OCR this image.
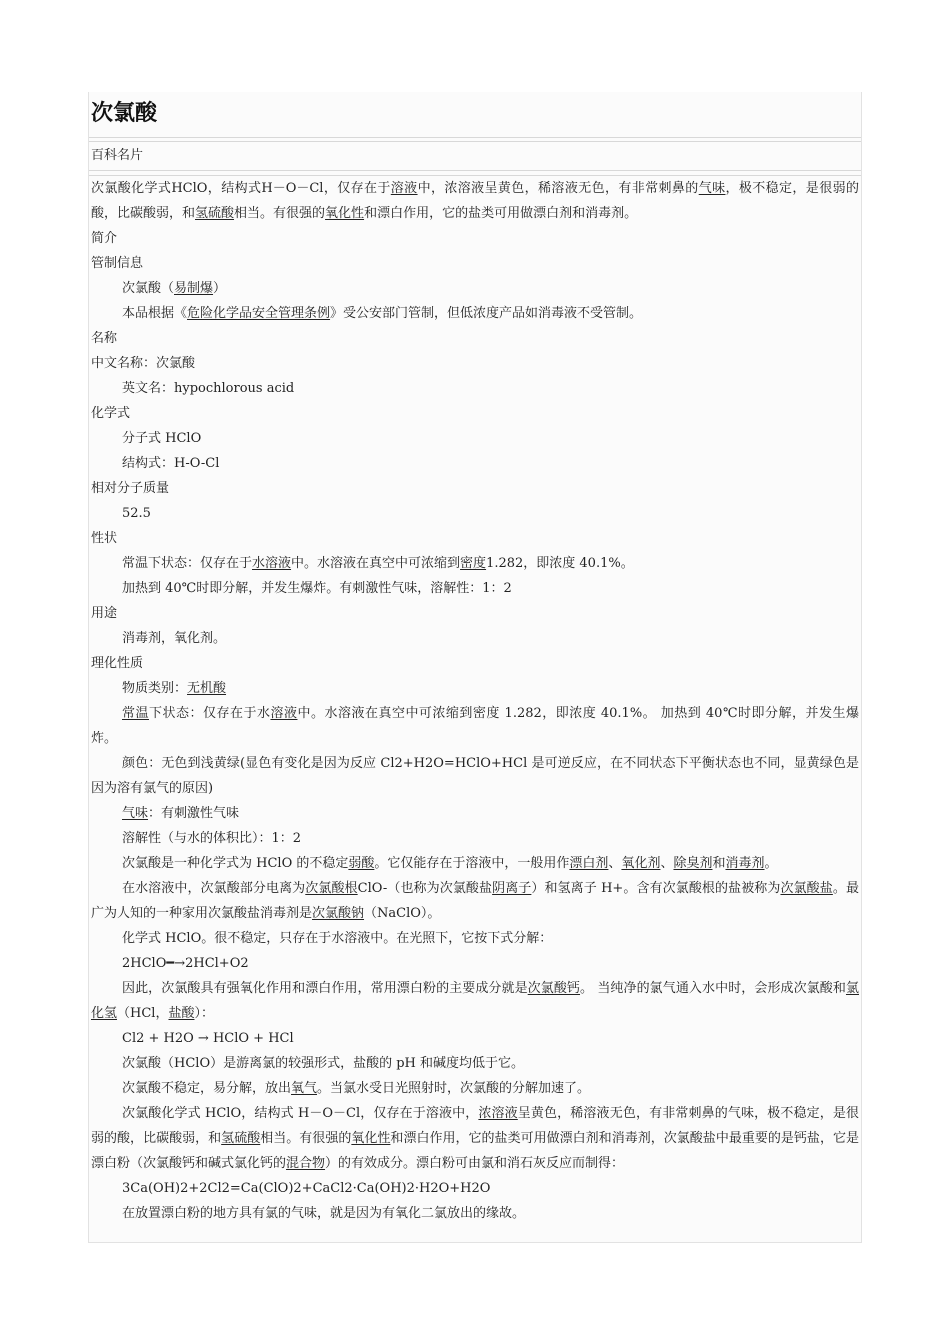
次氯酸
百科名片

次氯酸化学式HClO，结构式H－O－Cl，仅存在于溶液中，浓溶液呈黄色，稀溶液无色，有非常刺鼻的气味，极不稳定，是很弱的酸，比碳酸弱，和氢硫酸相当。有很强的氧化性和漂白作用，它的盐类可用做漂白剂和消毒剂。

简介

管制信息

次氯酸（易制爆）

本品根据《危险化学品安全管理条例》受公安部门管制，但低浓度产品如消毒液不受管制。

名称

中文名称：次氯酸

英文名：hypochlorous acid

化学式

分子式 HClO

结构式：H-O-Cl

相对分子质量

52.5

性状

常温下状态：仅存在于水溶液中。水溶液在真空中可浓缩到密度1.282，即浓度 40.1%。

加热到 40℃时即分解，并发生爆炸。有刺激性气味，溶解性：1：2

用途

消毒剂，氧化剂。

理化性质

物质类别：无机酸

常温下状态：仅存在于水溶液中。水溶液在真空中可浓缩到密度 1.282，即浓度 40.1%。 加热到 40℃时即分解，并发生爆炸。

颜色：无色到浅黄绿(显色有变化是因为反应 Cl2+H2O=HClO+HCl 是可逆反应，在不同状态下平衡状态也不同，显黄绿色是因为溶有氯气的原因)

气味：有刺激性气味

溶解性（与水的体积比）：1：2

次氯酸是一种化学式为 HClO 的不稳定弱酸。它仅能存在于溶液中，一般用作漂白剂、氧化剂、除臭剂和消毒剂。

在水溶液中，次氯酸部分电离为次氯酸根ClO-（也称为次氯酸盐阴离子）和氢离子 H+。含有次氯酸根的盐被称为次氯酸盐。最广为人知的一种家用次氯酸盐消毒剂是次氯酸钠（NaClO）。

化学式 HClO。很不稳定，只存在于水溶液中。在光照下，它按下式分解：

2HClO━→2HCl+O2

因此，次氯酸具有强氧化作用和漂白作用，常用漂白粉的主要成分就是次氯酸钙。 当纯净的氯气通入水中时，会形成次氯酸和氯化氢（HCl，盐酸）：

Cl2 + H2O → HClO + HCl

次氯酸（HClO）是游离氯的较强形式，盐酸的 pH 和碱度均低于它。

次氯酸不稳定，易分解，放出氧气。当氯水受日光照射时，次氯酸的分解加速了。

次氯酸化学式 HClO，结构式 H－O－Cl，仅存在于溶液中，浓溶液呈黄色，稀溶液无色，有非常刺鼻的气味，极不稳定，是很弱的酸，比碳酸弱，和氢硫酸相当。有很强的氧化性和漂白作用，它的盐类可用做漂白剂和消毒剂，次氯酸盐中最重要的是钙盐，它是漂白粉（次氯酸钙和碱式氯化钙的混合物）的有效成分。漂白粉可由氯和消石灰反应而制得：

3Ca(OH)2+2Cl2=Ca(ClO)2+CaCl2·Ca(OH)2·H2O+H2O

在放置漂白粉的地方具有氯的气味，就是因为有氧化二氯放出的缘故。
